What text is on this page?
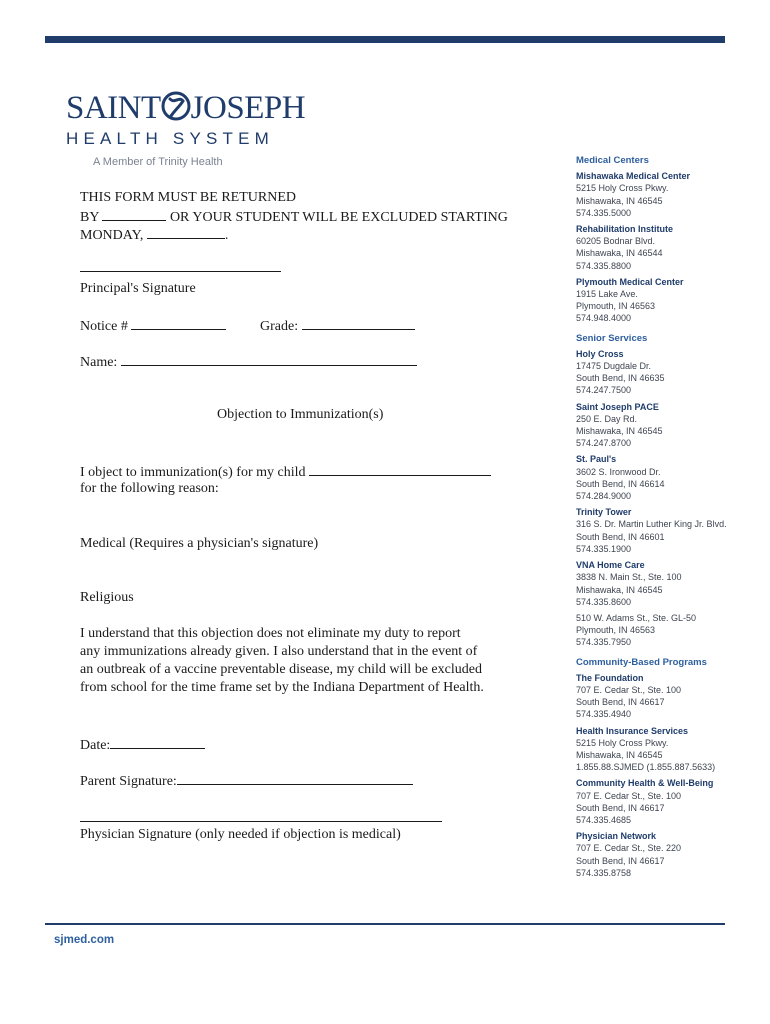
SAINT JOSEPH
HEALTH SYSTEM
A Member of Trinity Health
THIS FORM MUST BE RETURNED
BY	OR YOUR STUDENT WILL BE EXCLUDED STARTING
MONDAY,	.
Principal's Signature
Notice #	Grade:
Name:
Objection to Immunization(s)
I object to immunization(s) for my child
for the following reason:
Medical (Requires a physician's signature)
Religious
I understand that this objection does not eliminate my duty to report
any immunizations already given. I also understand that in the event of
an outbreak of a vaccine preventable disease, my child will be excluded
from school for the time frame set by the Indiana Department of Health.
Date:
Parent Signature:
Physician Signature (only needed if objection is medical)
Medical Centers
Mishawaka Medical Center
5215 Holy Cross Pkwy.
Mishawaka, IN 46545
574.335.5000
Rehabilitation Institute
60205 Bodnar Blvd.
Mishawaka, IN 46544
574.335.8800
Plymouth Medical Center
1915 Lake Ave.
Plymouth, IN 46563
574.948.4000
Senior Services
Holy Cross
17475 Dugdale Dr.
South Bend, IN 46635
574.247.7500
Saint Joseph PACE
250 E. Day Rd.
Mishawaka, IN 46545
574.247.8700
St. Paul's
3602 S. Ironwood Dr.
South Bend, IN 46614
574.284.9000
Trinity Tower
316 S. Dr. Martin Luther King Jr. Blvd.
South Bend, IN 46601
574.335.1900
VNA Home Care
3838 N. Main St., Ste. 100
Mishawaka, IN 46545
574.335.8600
510 W. Adams St., Ste. GL-50
Plymouth, IN 46563
574.335.7950
Community-Based Programs
The Foundation
707 E. Cedar St., Ste. 100
South Bend, IN 46617
574.335.4940
Health Insurance Services
5215 Holy Cross Pkwy.
Mishawaka, IN 46545
1.855.88.SJMED (1.855.887.5633)
Community Health & Well-Being
707 E. Cedar St., Ste. 100
South Bend, IN 46617
574.335.4685
Physician Network
707 E. Cedar St., Ste. 220
South Bend, IN 46617
574.335.8758
sjmed.com
